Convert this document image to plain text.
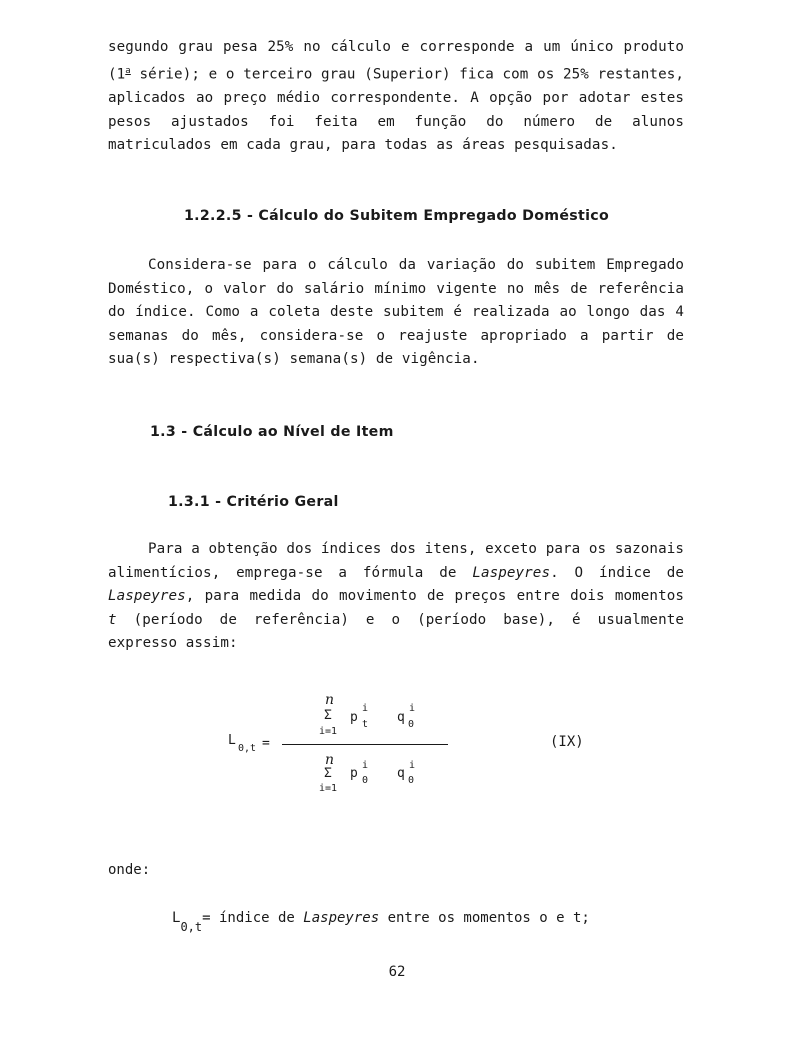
segundo grau pesa 25% no cálculo e corresponde a um único produto (1$^a$ série); e o terceiro grau (Superior) fica com os 25% restantes, aplicados ao preço médio correspondente. A opção por adotar estes pesos ajustados foi feita em função do número de alunos matriculados em cada grau, para todas as áreas pesquisadas.

1.2.2.5 - Cálculo do Subitem Empregado Doméstico

Considera-se para o cálculo da variação do subitem Empregado Doméstico, o valor do salário mínimo vigente no mês de referência do índice. Como a coleta deste subitem é realizada ao longo das 4 semanas do mês, considera-se o reajuste apropriado a partir de sua(s) respectiva(s) semana(s) de vigência.

1.3 - Cálculo ao Nível de Item
1.3.1 - Critério Geral

Para a obtenção dos índices dos itens, exceto para os sazonais alimentícios, emprega-se a fórmula de Laspeyres. O índice de Laspeyres, para medida do movimento de preços entre dois momentos t (período de referência) e o (período base), é usualmente expresso assim:

L
0,t =
n
Σ
i=1
p
i
t q
i
0
n
Σ
i=1
p
i
0 q
i
0
(IX)

onde:

L0,t= índice de Laspeyres entre os momentos o e t;
62
